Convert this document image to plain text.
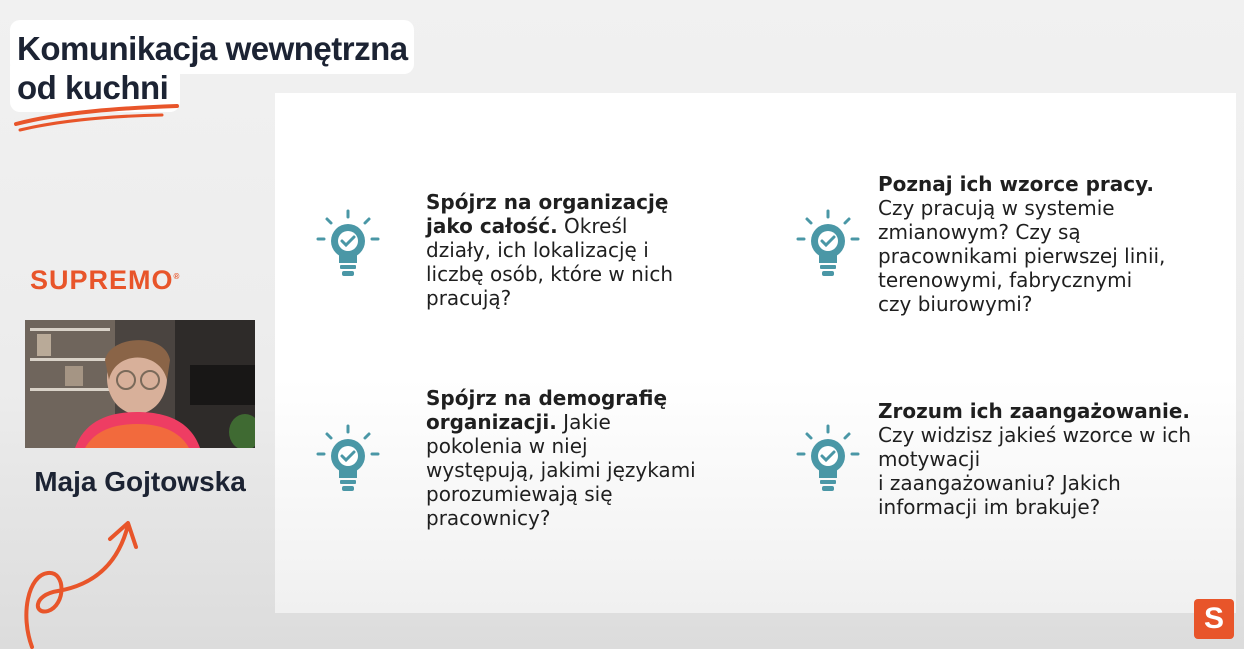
Komunikacja wewnętrzna
od kuchni
SUPREMO®
Maja Gojtowska
Spójrz na organizację
jako całość. Określ
działy, ich lokalizację i
liczbę osób, które w nich
pracują?
Poznaj ich wzorce pracy.
Czy pracują w systemie
zmianowym? Czy są
pracownikami pierwszej linii,
terenowymi, fabrycznymi
czy biurowymi?
Spójrz na demografię
organizacji. Jakie
pokolenia w niej
występują, jakimi językami
porozumiewają się
pracownicy?
Zrozum ich zaangażowanie.
Czy widzisz jakieś wzorce w ich
motywacji
i zaangażowaniu? Jakich
informacji im brakuje?
S
